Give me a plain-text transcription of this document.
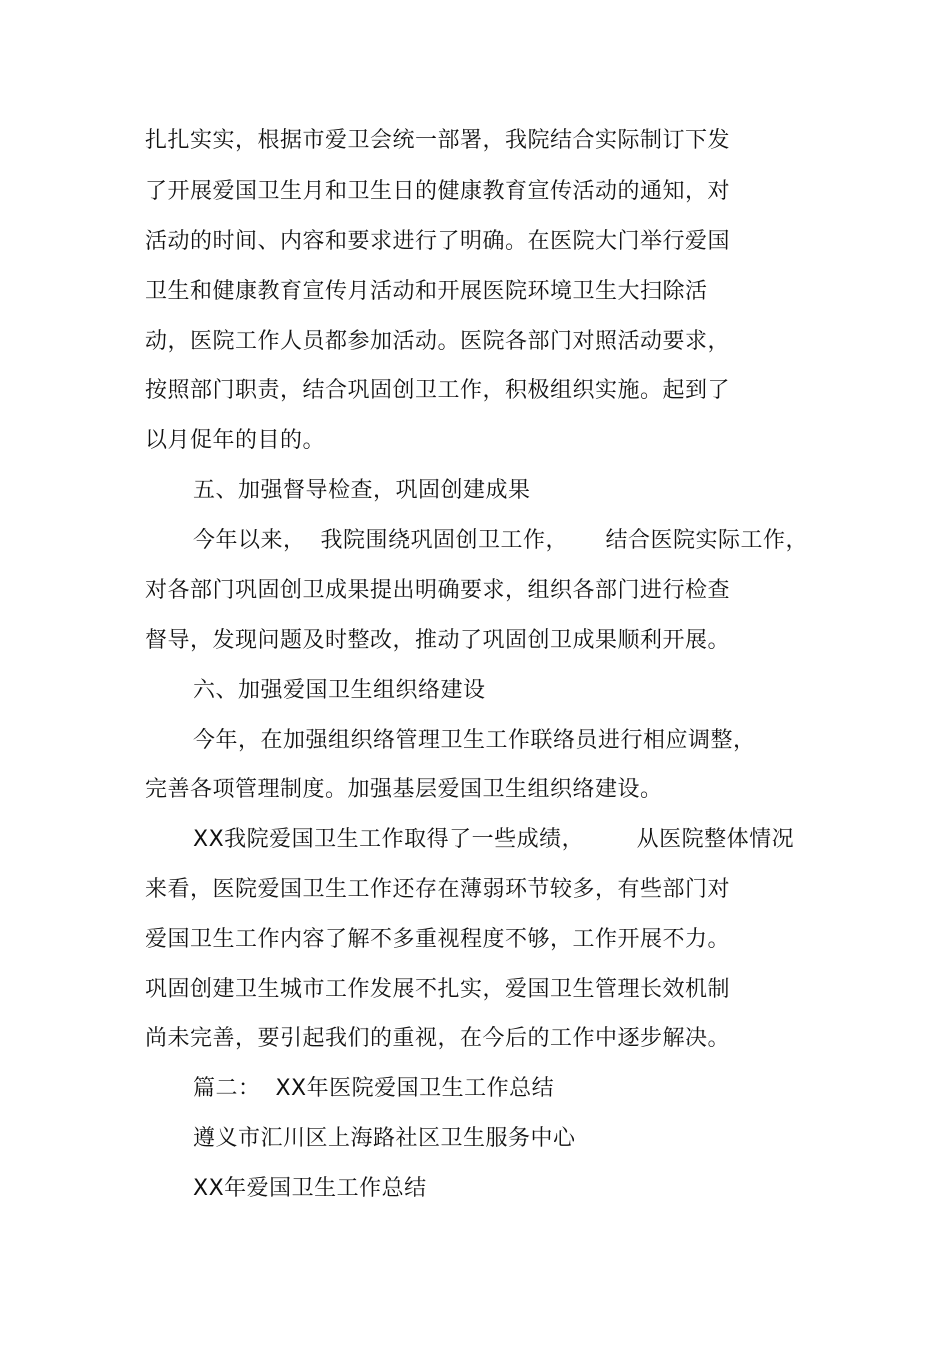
扎扎实实，根据市爱卫会统一部署，我院结合实际制订下发
了开展爱国卫生月和卫生日的健康教育宣传活动的通知，对
活动的时间、内容和要求进行了明确。在医院大门举行爱国
卫生和健康教育宣传月活动和开展医院环境卫生大扫除活
动，医院工作人员都参加活动。医院各部门对照活动要求，
按照部门职责，结合巩固创卫工作，积极组织实施。起到了
以月促年的目的。
五、加强督导检查，巩固创建成果
今年以来，  我院围绕巩固创卫工作，     结合医院实际工作，
对各部门巩固创卫成果提出明确要求，组织各部门进行检查
督导，发现问题及时整改，推动了巩固创卫成果顺利开展。
六、加强爱国卫生组织络建设
今年，在加强组织络管理卫生工作联络员进行相应调整，
完善各项管理制度。加强基层爱国卫生组织络建设。
XX我院爱国卫生工作取得了一些成绩，       从医院整体情况
来看，医院爱国卫生工作还存在薄弱环节较多，有些部门对
爱国卫生工作内容了解不多重视程度不够，工作开展不力。
巩固创建卫生城市工作发展不扎实，爱国卫生管理长效机制
尚未完善，要引起我们的重视，在今后的工作中逐步解决。
篇二：  XX年医院爱国卫生工作总结
遵义市汇川区上海路社区卫生服务中心
XX年爱国卫生工作总结
